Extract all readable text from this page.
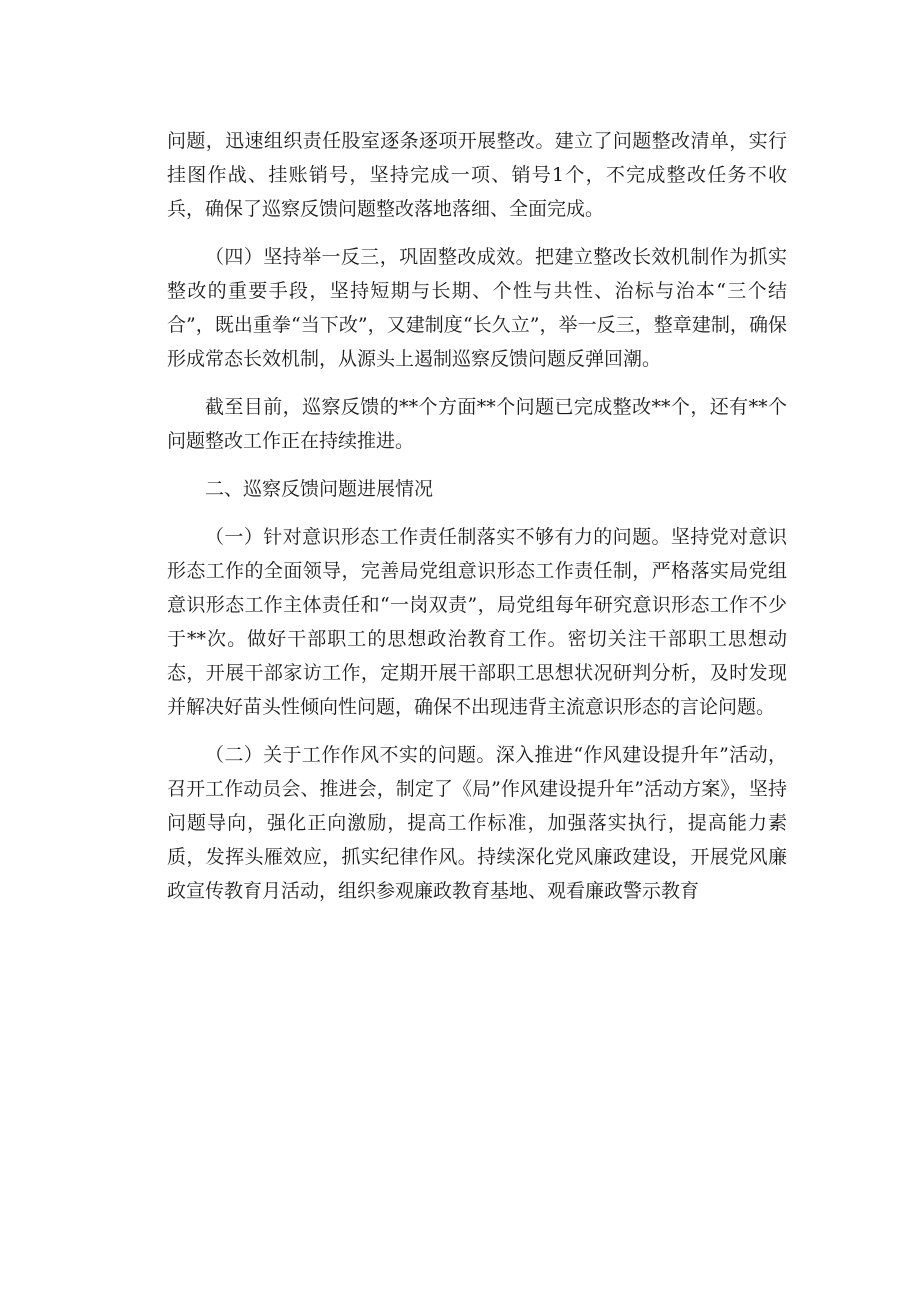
问题，迅速组织责任股室逐条逐项开展整改。建立了问题整改清单，实行挂图作战、挂账销号，坚持完成一项、销号1个，不完成整改任务不收兵，确保了巡察反馈问题整改落地落细、全面完成。

（四）坚持举一反三，巩固整改成效。把建立整改长效机制作为抓实整改的重要手段，坚持短期与长期、个性与共性、治标与治本“三个结合”，既出重拳“当下改”，又建制度“长久立”，举一反三，整章建制，确保形成常态长效机制，从源头上遏制巡察反馈问题反弹回潮。

截至目前，巡察反馈的**个方面**个问题已完成整改**个，还有**个问题整改工作正在持续推进。

二、巡察反馈问题进展情况

（一）针对意识形态工作责任制落实不够有力的问题。坚持党对意识形态工作的全面领导，完善局党组意识形态工作责任制，严格落实局党组意识形态工作主体责任和“一岗双责”，局党组每年研究意识形态工作不少于**次。做好干部职工的思想政治教育工作。密切关注干部职工思想动态，开展干部家访工作，定期开展干部职工思想状况研判分析，及时发现并解决好苗头性倾向性问题，确保不出现违背主流意识形态的言论问题。

（二）关于工作作风不实的问题。深入推进“作风建设提升年”活动，召开工作动员会、推进会，制定了《局”作风建设提升年”活动方案》，坚持问题导向，强化正向激励，提高工作标准，加强落实执行，提高能力素质，发挥头雁效应，抓实纪律作风。持续深化党风廉政建设，开展党风廉政宣传教育月活动，组织参观廉政教育基地、观看廉政警示教育
